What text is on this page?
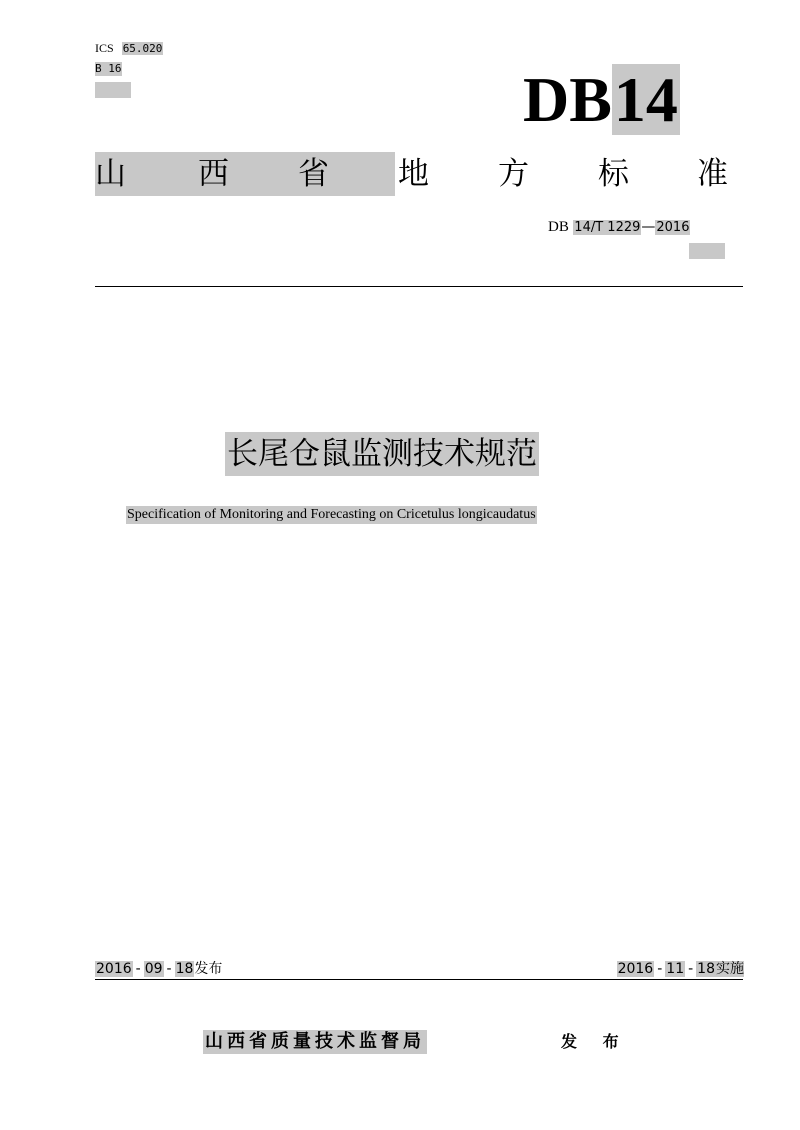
ICS 65.020
B 16	DB14
山 西 省 地 方 标 准
DB 14/T 1229—2016
长尾仓鼠监测技术规范
Specification of Monitoring and Forecasting on Cricetulus longicaudatus
2016 - 09 - 18发布	2016 - 11 - 18实施
山西省质量技术监督局	发 布
